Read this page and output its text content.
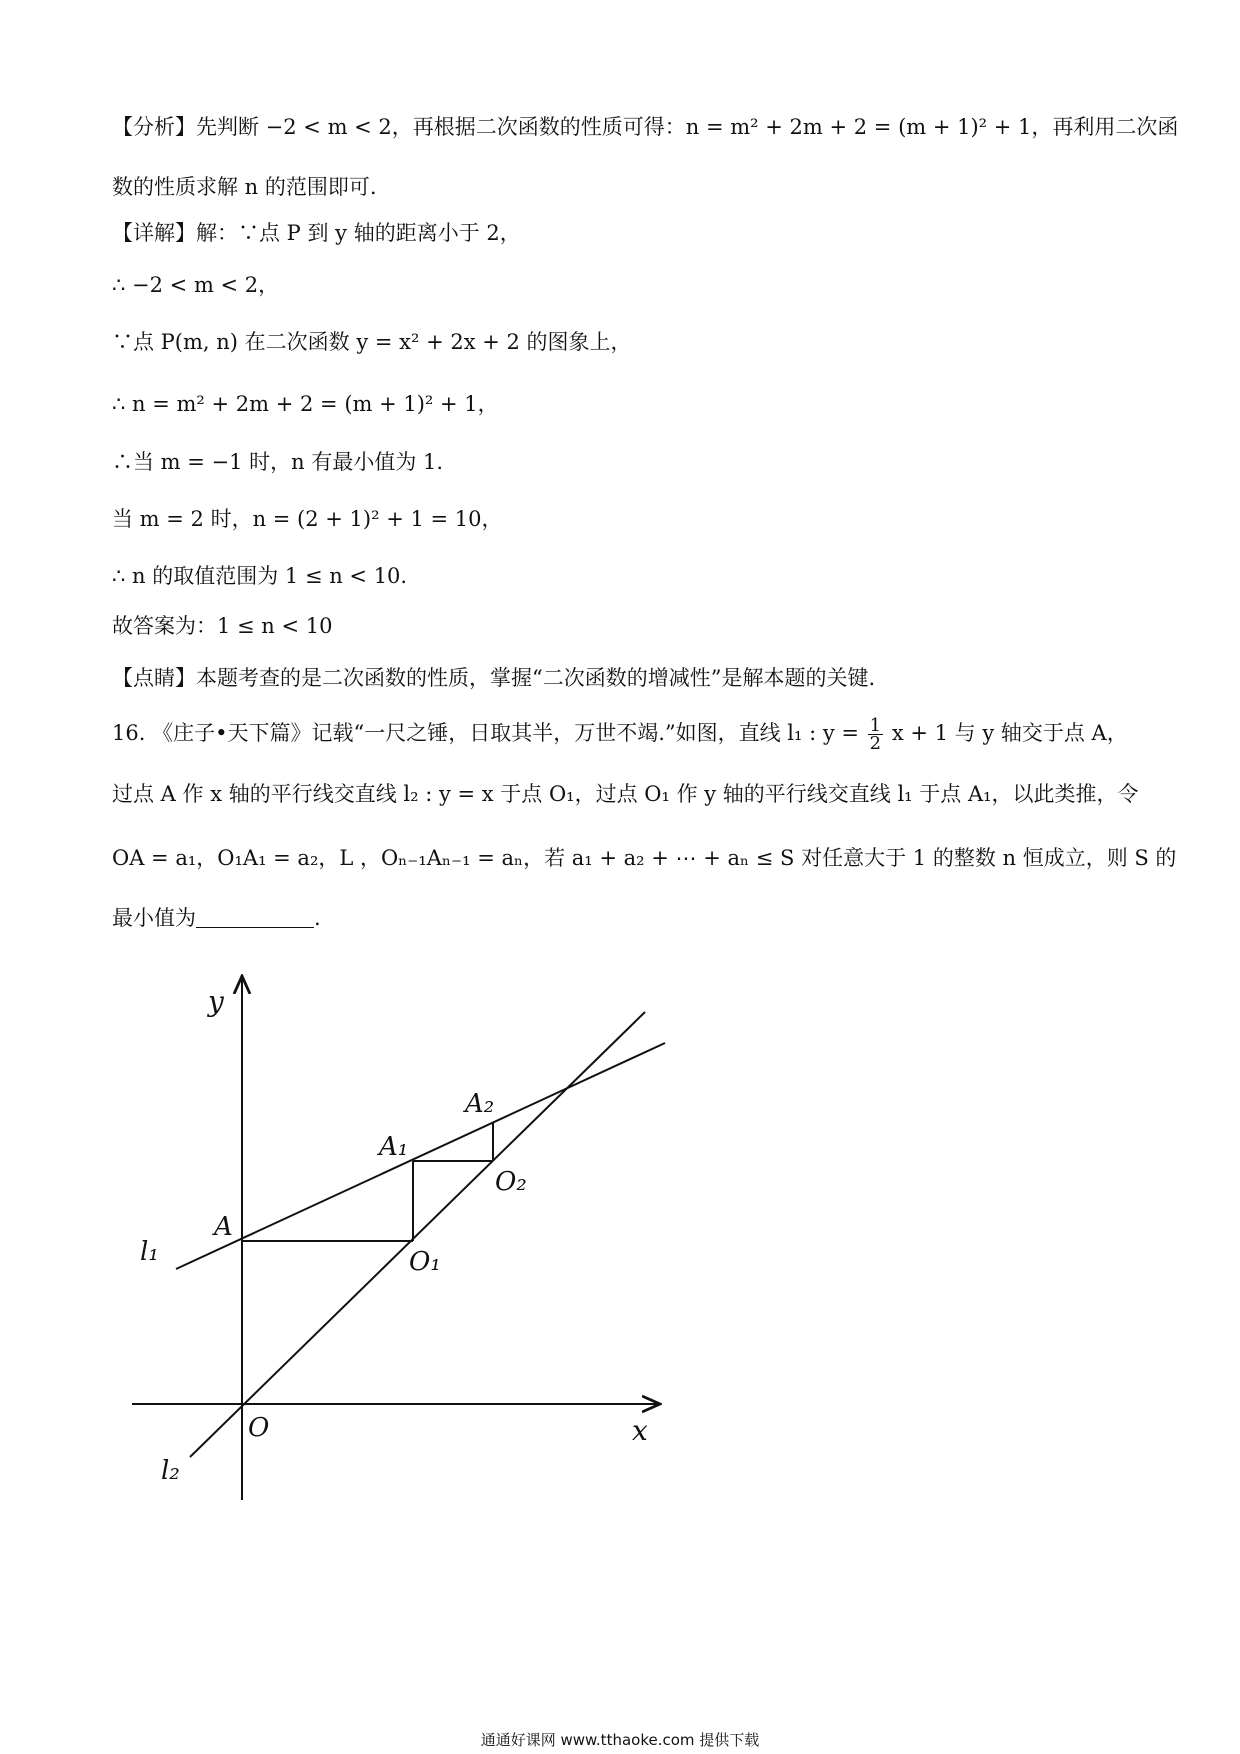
【分析】先判断 −2 < m < 2，再根据二次函数的性质可得：n = m² + 2m + 2 = (m + 1)² + 1，再利用二次函
数的性质求解 n 的范围即可.
【详解】解：∵点 P 到 y 轴的距离小于 2，
∴ −2 < m < 2，
∵点 P(m, n) 在二次函数 y = x² + 2x + 2 的图象上，
∴ n = m² + 2m + 2 = (m + 1)² + 1，
∴当 m = −1 时，n 有最小值为 1.
当 m = 2 时，n = (2 + 1)² + 1 = 10，
∴ n 的取值范围为 1 ≤ n < 10.
故答案为：1 ≤ n < 10
【点睛】本题考查的是二次函数的性质，掌握“二次函数的增减性”是解本题的关键.
16. 《庄子•天下篇》记载“一尺之锤，日取其半，万世不竭.”如图，直线 l₁ : $y = \frac{1}{2}$ x + 1 与 y 轴交于点 A，
过点 A 作 x 轴的平行线交直线 l₂ : y = x 于点 O₁，过点 O₁ 作 y 轴的平行线交直线 l₁ 于点 A₁，以此类推，令
OA = a₁，O₁A₁ = a₂，L ，Oₙ₋₁Aₙ₋₁ = aₙ，若 a₁ + a₂ + ⋯ + aₙ ≤ S 对任意大于 1 的整数 n 恒成立，则 S 的
最小值为	.
y
x
O
A
A₁
A₂
O₁
O₂
l₁
l₂
通通好课网 www.tthaoke.com 提供下载
